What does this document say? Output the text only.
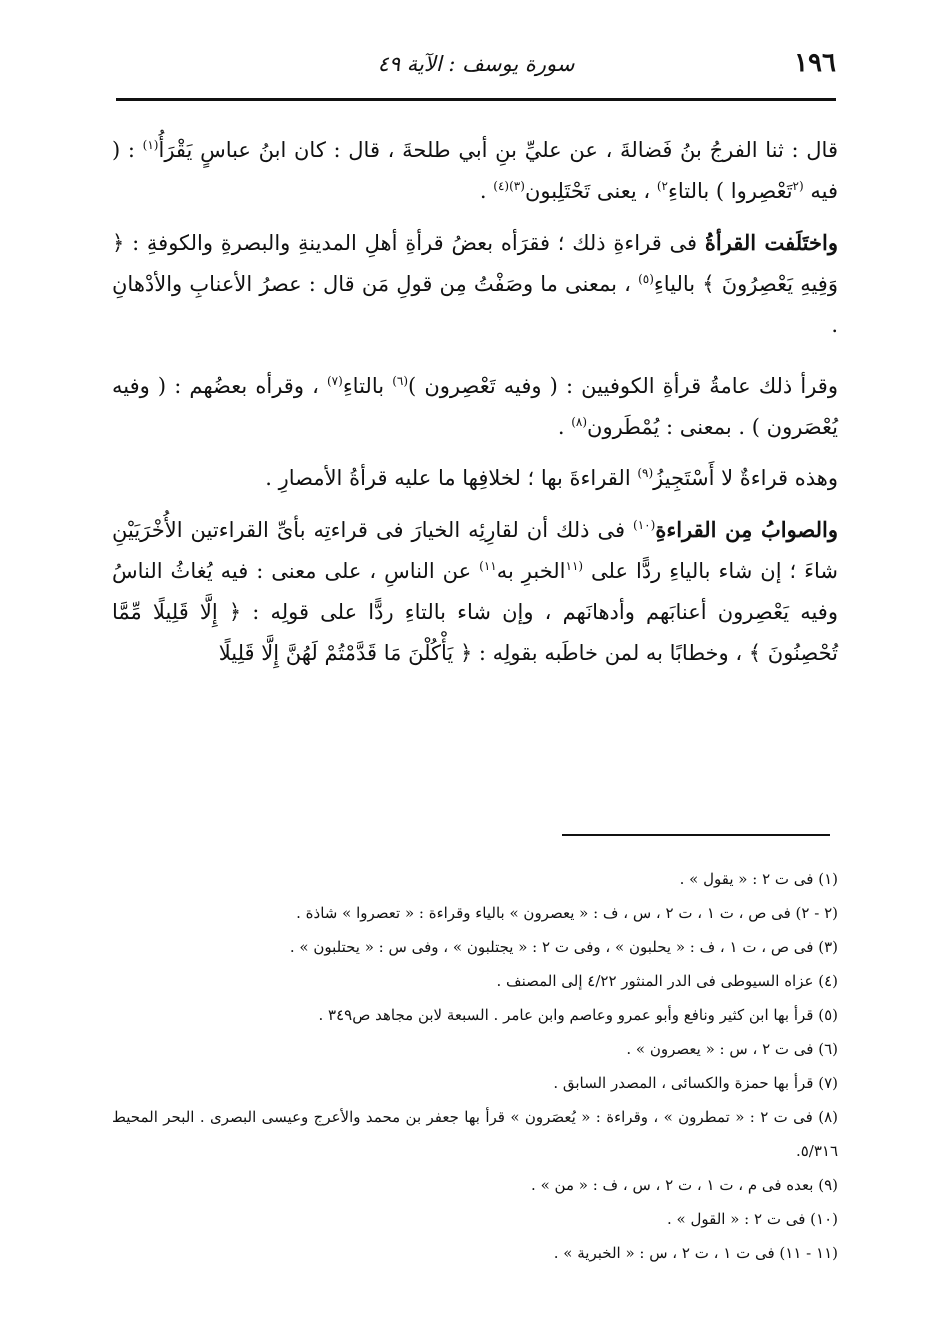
١٩٦
سورة يوسف : الآية ٤٩

قال : ثنا الفرجُ بنُ فَضالةَ ، عن عليِّ بنِ أبي طلحةَ ، قال : كان ابنُ عباسٍ يَقْرَأُ$^{(١)}$ : ( فيه $^{(٢}$تَعْصِروا ) بالتاءِ$^{٢)}$ ، يعنى تَحْتَلِبون$^{(٣)(٤)}$ .

واختَلَفت القرأةُ فى قراءةِ ذلك ؛ فقرَأه بعضُ قرأةِ أهلِ المدينةِ والبصرةِ والكوفةِ : ﴿ وَفِيهِ يَعْصِرُونَ ﴾ بالياءِ$^{(٥)}$ ، بمعنى ما وصَفْتُ مِن قولِ مَن قال : عصرُ الأعنابِ والأدْهانِ .

وقرأ ذلك عامةُ قرأةِ الكوفيين : ( وفيه تَعْصِرون )$^{(٦)}$ بالتاءِ$^{(٧)}$ ، وقرأه بعضُهم : ( وفيه يُعْصَرون ) . بمعنى : يُمْطَرون$^{(٨)}$ .

وهذه قراءةٌ لا أَسْتَجِيزُ$^{(٩)}$ القراءةَ بها ؛ لخلافِها ما عليه قرأةُ الأمصارِ .

والصوابُ مِن القراءةِ$^{(١٠)}$ فى ذلك أن لقارِئِه الخيارَ فى قراءتِه بأىِّ القراءتين الأُخْرَيَيْنِ شاءَ ؛ إن شاء بالياءِ ردًّا على $^{(١١}$الخبرِ به$^{١١)}$ عن الناسِ ، على معنى : فيه يُغاثُ الناسُ وفيه يَعْصِرون أعنابَهم وأدهانَهم ، وإن شاء بالتاءِ ردًّا على قولِه : ﴿ إِلَّا قَلِيلًا مِّمَّا تُحْصِنُونَ ﴾ ، وخطابًا به لمن خاطَبه بقولِه : ﴿ يَأْكُلْنَ مَا قَدَّمْتُمْ لَهُنَّ إِلَّا قَلِيلًا

(١) فى ت ٢ : « يقول » .
(٢ - ٢) فى ص ، ت ١ ، ت ٢ ، س ، ف : « يعصرون » بالياء وقراءة : « تعصروا » شاذة .
(٣) فى ص ، ت ١ ، ف : « يحلبون » ، وفى ت ٢ : « يجتلبون » ، وفى س : « يحتلبون » .
(٤) عزاه السيوطى فى الدر المنثور ٤/٢٢ إلى المصنف .
(٥) قرأ بها ابن كثير ونافع وأبو عمرو وعاصم وابن عامر . السبعة لابن مجاهد ص٣٤٩ .
(٦) فى ت ٢ ، س : « يعصرون » .
(٧) قرأ بها حمزة والكسائى ، المصدر السابق .
(٨) فى ت ٢ : « تمطرون » ، وقراءة : « يُعصَرون » قرأ بها جعفر بن محمد والأعرج وعيسى البصرى . البحر المحيط ٥/٣١٦.
(٩) بعده فى م ، ت ١ ، ت ٢ ، س ، ف : « من » .
(١٠) فى ت ٢ : « القول » .
(١١ - ١١) فى ت ١ ، ت ٢ ، س : « الخبرية » .
